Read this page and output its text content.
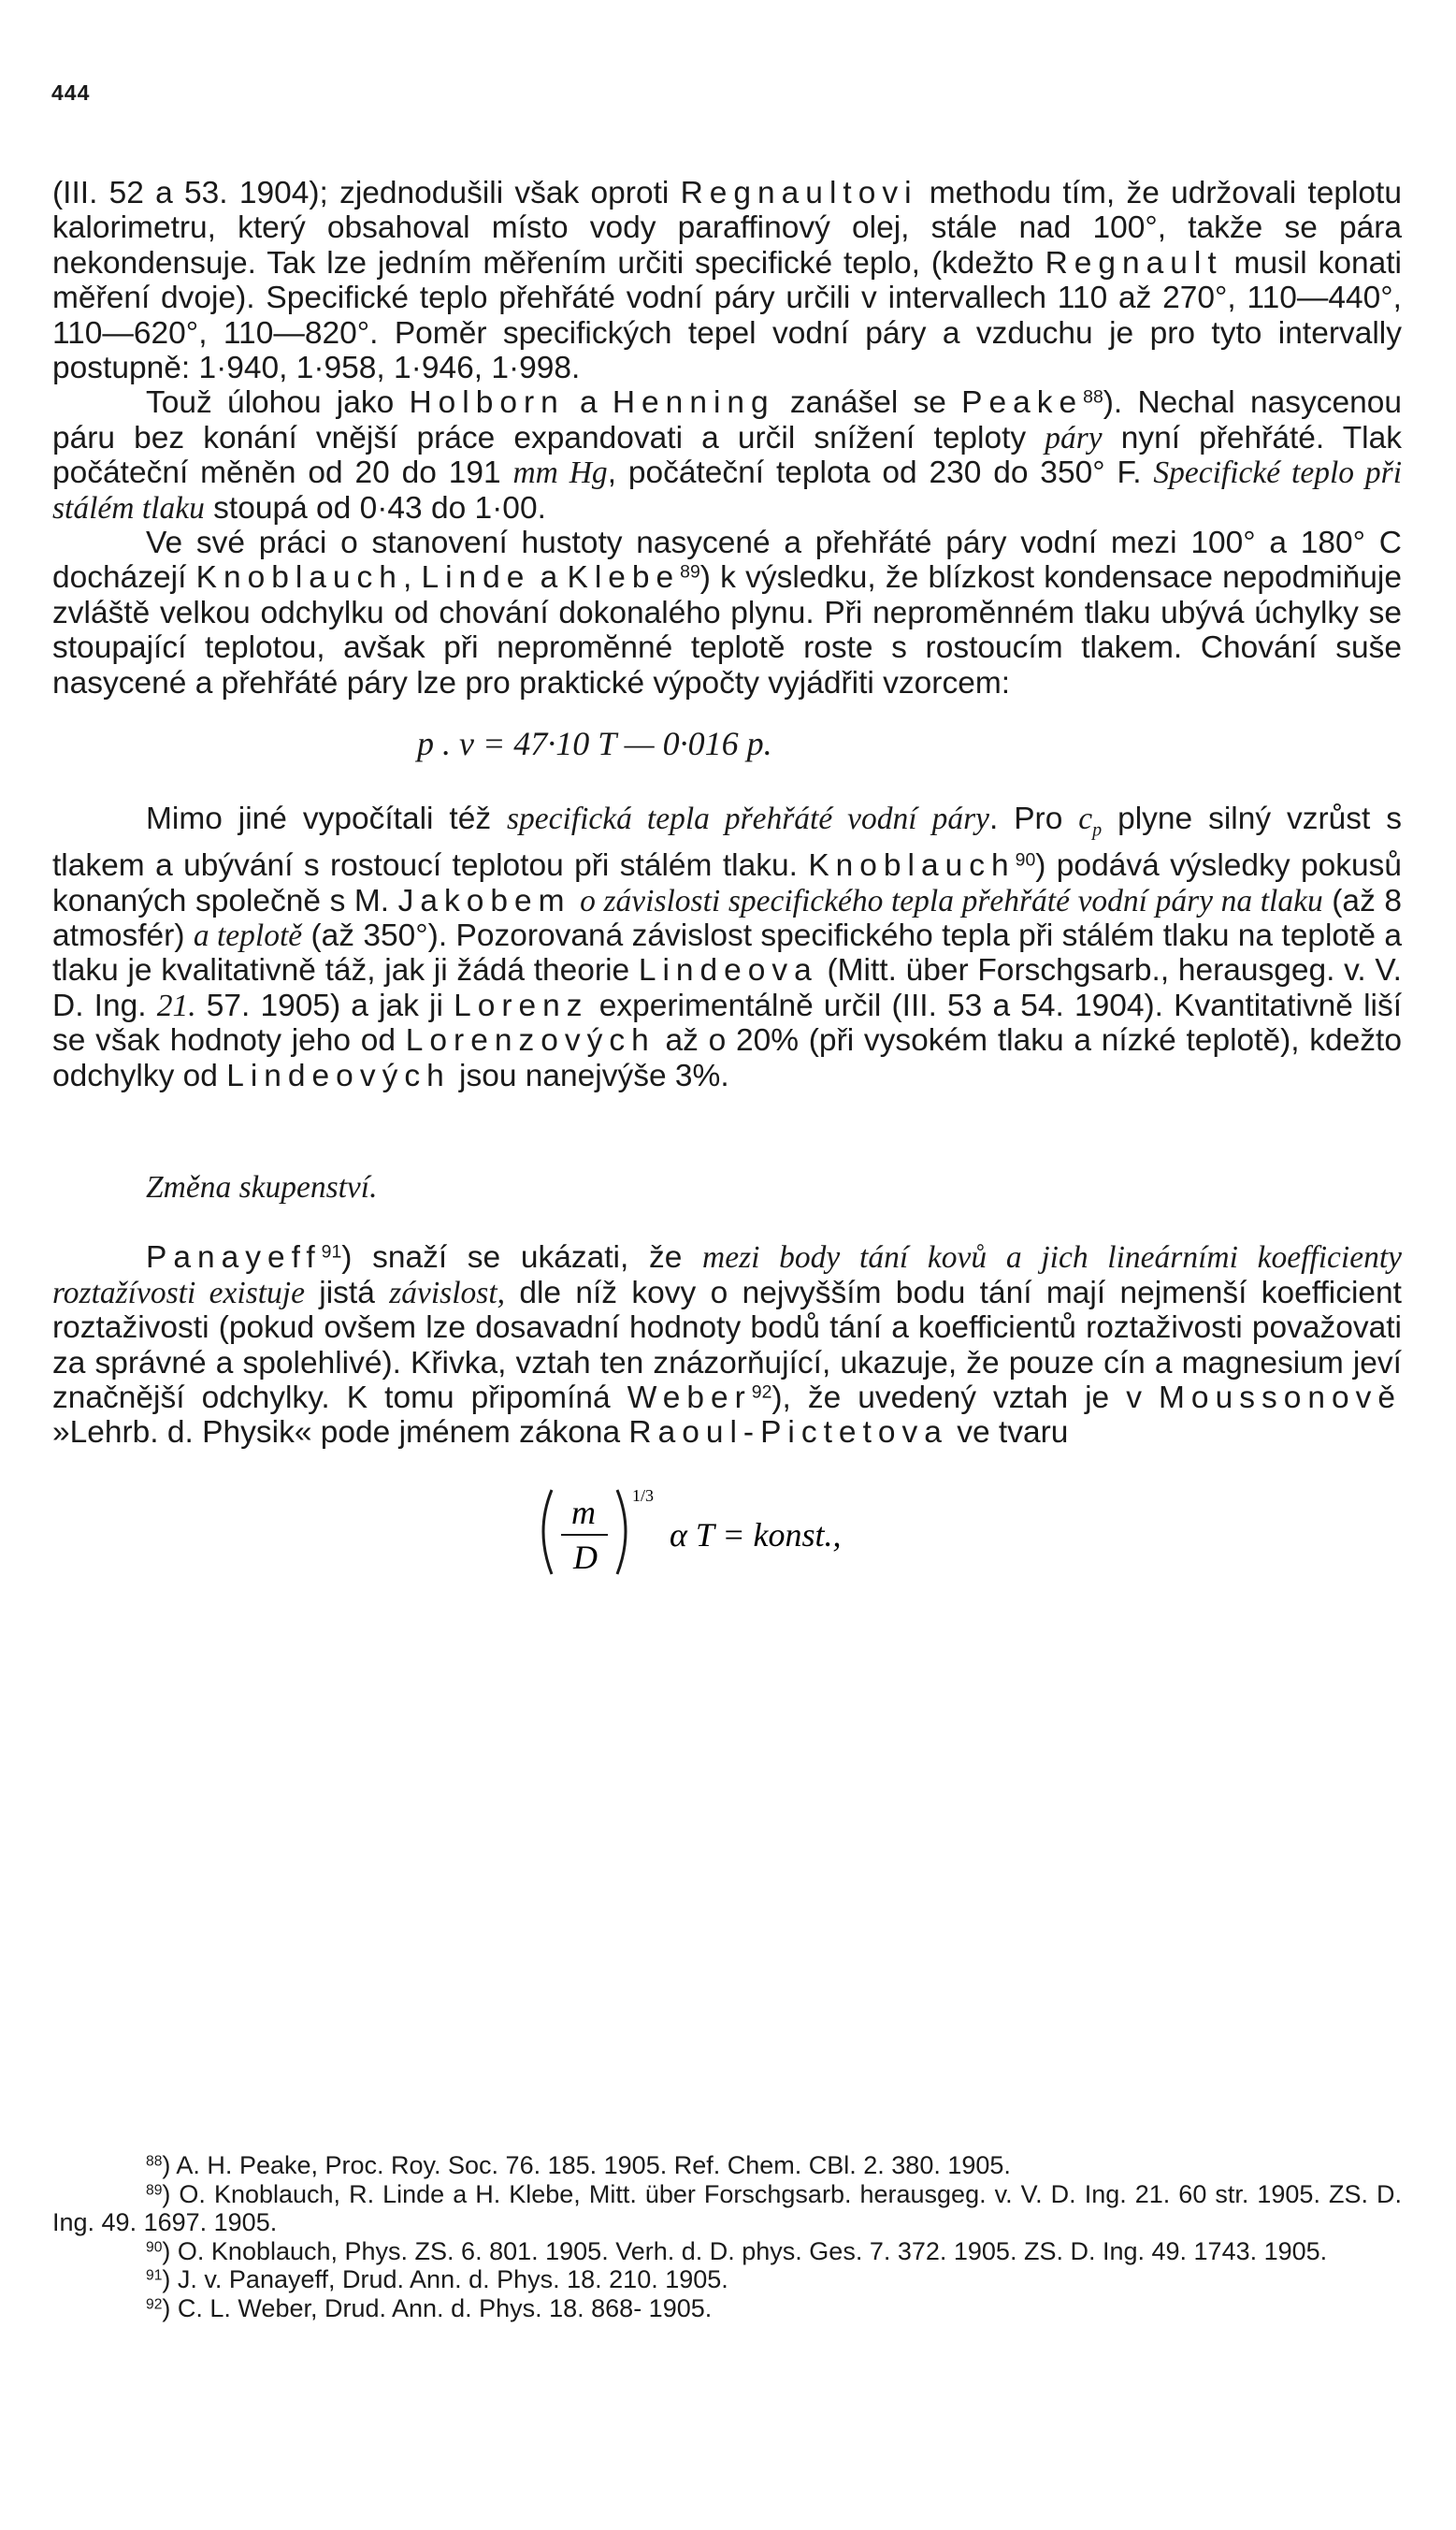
444

(III. 52 a 53. 1904); zjednodušili však oproti Regnaultovi methodu tím, že udržovali teplotu kalorimetru, který obsahoval místo vody paraffinový olej, stále nad 100°, takže se pára nekondensuje. Tak lze jedním měřením určiti specifické teplo, (kdežto Regnault musil konati měření dvoje). Specifické teplo přehřáté vodní páry určili v intervallech 110 až 270°, 110—440°, 110—620°, 110—820°. Poměr specifických tepel vodní páry a vzduchu je pro tyto intervally postupně: 1·940, 1·958, 1·946, 1·998.

Touž úlohou jako Holborn a Henning zanášel se Peake$^{88}$). Nechal nasycenou páru bez konání vnější práce expandovati a určil snížení teploty páry nyní přehřáté. Tlak počáteční měněn od 20 do 191 mm Hg, počáteční teplota od 230 do 350° F. Specifické teplo při stálém tlaku stoupá od 0·43 do 1·00.

Ve své práci o stanovení hustoty nasycené a přehřáté páry vodní mezi 100° a 180° C docházejí Knoblauch, Linde a Klebe$^{89}$) k výsledku, že blízkost kondensace nepodmiňuje zvláště velkou odchylku od chování dokonalého plynu. Při nepromĕnném tlaku ubývá úchylky se stoupající teplotou, avšak při nepromĕnné teplotě roste s rostoucím tlakem. Chování suše nasycené a přehřáté páry lze pro praktické výpočty vyjádřiti vzorcem:

p . v = 47·10 T — 0·016 p.

Mimo jiné vypočítali též specifická tepla přehřáté vodní páry. Pro $c_p$ plyne silný vzrůst s tlakem a ubývání s rostoucí teplotou při stálém tlaku. Knoblauch$^{90}$) podává výsledky pokusů konaných společně s M. Jakobem o závislosti specifického tepla přehřáté vodní páry na tlaku (až 8 atmosfér) a teplotě (až 350°). Pozorovaná závislost specifického tepla při stálém tlaku na teplotě a tlaku je kvalitativně táž, jak ji žádá theorie Lindeova (Mitt. über Forschgsarb., herausgeg. v. V. D. Ing. 21. 57. 1905) a jak ji Lorenz experimentálně určil (III. 53 a 54. 1904). Kvantitativně liší se však hodnoty jeho od Lorenzových až o 20% (při vysokém tlaku a nízké teplotě), kdežto odchylky od Lindeových jsou nanejvýše 3%.

Změna skupenství.

Panayeff$^{91}$) snaží se ukázati, že mezi body tání kovů a jich lineárními koefficienty roztažívosti existuje jistá závislost, dle níž kovy o nejvyšším bodu tání mají nejmenší koefficient roztaživosti (pokud ovšem lze dosavadní hodnoty bodů tání a koefficientů roztaživosti považovati za správné a spolehlivé). Křivka, vztah ten znázorňující, ukazuje, že pouze cín a magnesium jeví značnější odchylky. K tomu připomíná Weber$^{92}$), že uvedený vztah je v Moussonově »Lehrb. d. Physik« pode jménem zákona Raoul-Pictetova ve tvaru

m
D
1/3
α T = konst.,

$^{88}$) A. H. Peake, Proc. Roy. Soc. 76. 185. 1905. Ref. Chem. CBl. 2. 380. 1905.

$^{89}$) O. Knoblauch, R. Linde a H. Klebe, Mitt. über Forschgsarb. herausgeg. v. V. D. Ing. 21. 60 str. 1905. ZS. D. Ing. 49. 1697. 1905.

$^{90}$) O. Knoblauch, Phys. ZS. 6. 801. 1905. Verh. d. D. phys. Ges. 7. 372. 1905. ZS. D. Ing. 49. 1743. 1905.

$^{91}$) J. v. Panayeff, Drud. Ann. d. Phys. 18. 210. 1905.

$^{92}$) C. L. Weber, Drud. Ann. d. Phys. 18. 868- 1905.
